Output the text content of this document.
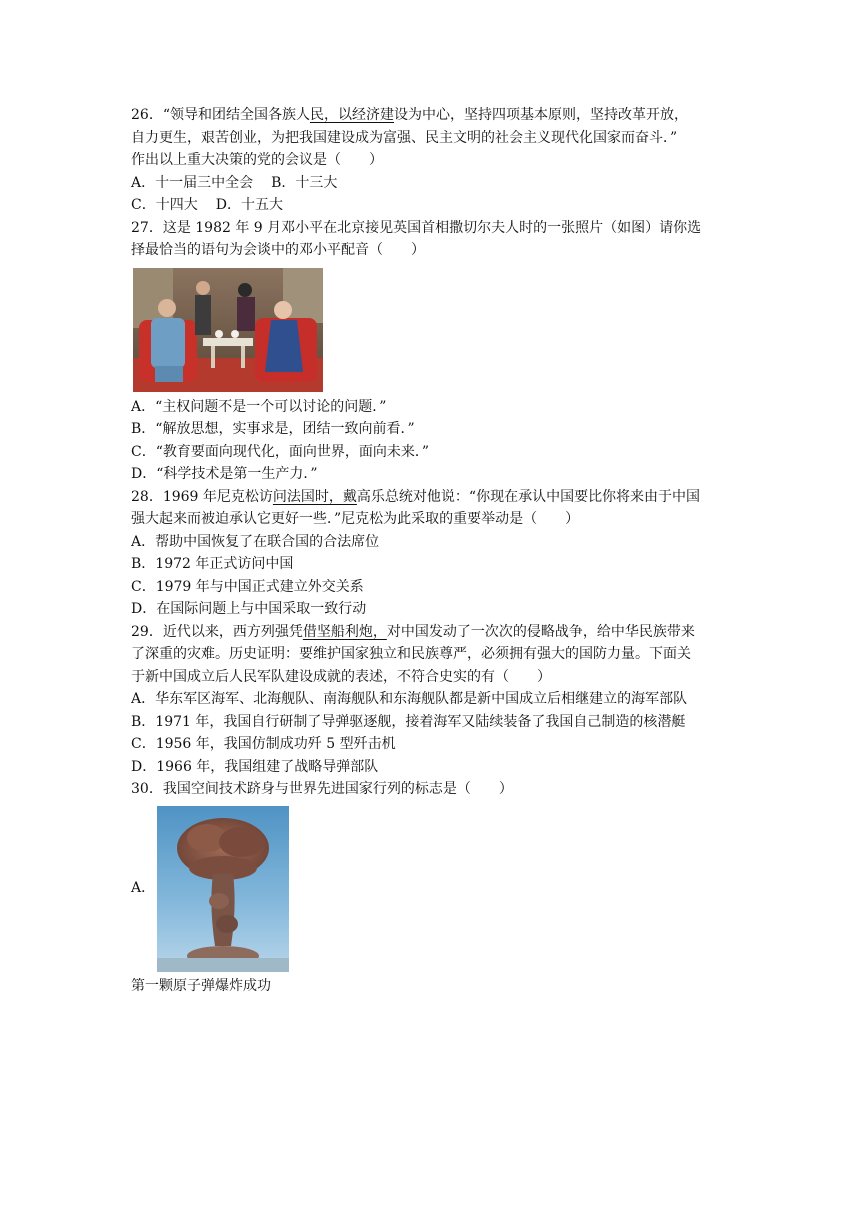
26．“领导和团结全国各族人民，以经济建设为中心，坚持四项基本原则，坚持改革开放，
自力更生，艰苦创业，为把我国建设成为富强、民主文明的社会主义现代化国家而奋斗．”
作出以上重大决策的党的会议是（　　）
A．十一届三中全会 B．十三大
C．十四大 D．十五大
27．这是 1982 年 9 月邓小平在北京接见英国首相撒切尔夫人时的一张照片（如图）请你选
择最恰当的语句为会谈中的邓小平配音（　　）
A．“主权问题不是一个可以讨论的问题．”
B．“解放思想，实事求是，团结一致向前看．”
C．“教育要面向现代化，面向世界，面向未来．”
D．“科学技术是第一生产力．”
28．1969 年尼克松访问法国时，戴高乐总统对他说：“你现在承认中国要比你将来由于中国
强大起来而被迫承认它更好一些．”尼克松为此采取的重要举动是（　　）
A．帮助中国恢复了在联合国的合法席位
B．1972 年正式访问中国
C．1979 年与中国正式建立外交关系
D．在国际问题上与中国采取一致行动
29．近代以来，西方列强凭借坚船利炮，对中国发动了一次次的侵略战争，给中华民族带来
了深重的灾难。历史证明：要维护国家独立和民族尊严，必须拥有强大的国防力量。下面关
于新中国成立后人民军队建设成就的表述，不符合史实的有（　　）
A．华东军区海军、北海舰队、南海舰队和东海舰队都是新中国成立后相继建立的海军部队
B．1971 年，我国自行研制了导弹驱逐舰，接着海军又陆续装备了我国自己制造的核潜艇
C．1956 年，我国仿制成功歼 5 型歼击机
D．1966 年，我国组建了战略导弹部队
30．我国空间技术跻身与世界先进国家行列的标志是（　　）
A．
第一颗原子弹爆炸成功
